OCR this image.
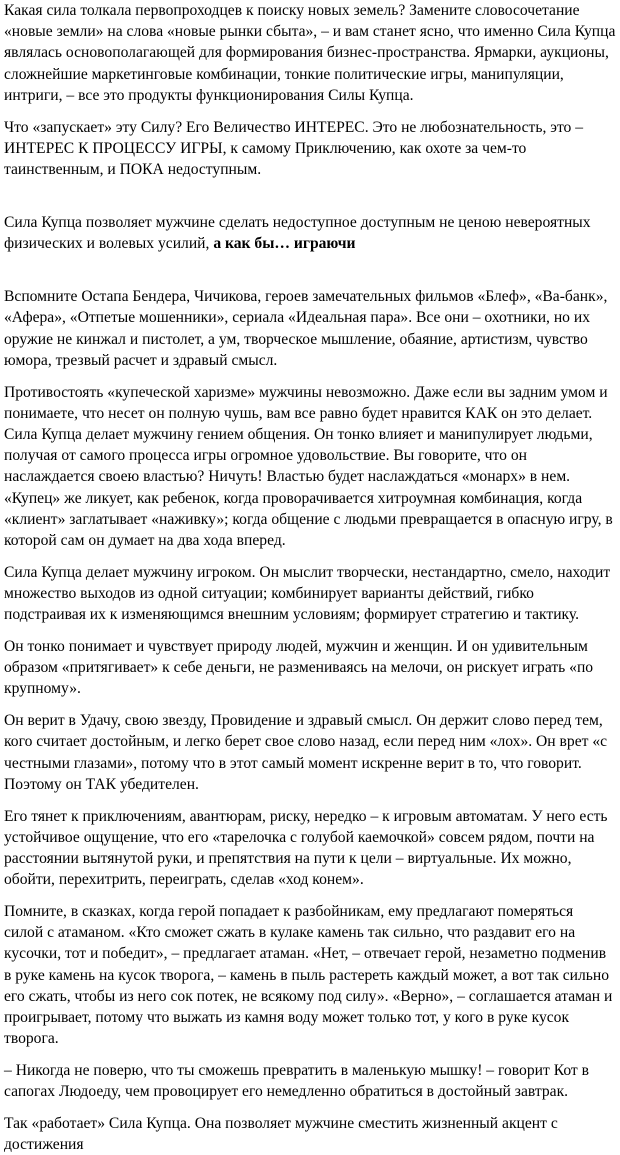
Какая сила толкала первопроходцев к поиску новых земель? Замените словосочетание «новые земли» на слова «новые рынки сбыта», – и вам станет ясно, что именно Сила Купца являлась основополагающей для формирования бизнес-пространства. Ярмарки, аукционы, сложнейшие маркетинговые комбинации, тонкие политические игры, манипуляции, интриги, – все это продукты функционирования Силы Купца.

Что «запускает» эту Силу? Его Величество ИНТЕРЕС. Это не любознательность, это – ИНТЕРЕС К ПРОЦЕССУ ИГРЫ, к самому Приключению, как охоте за чем-то таинственным, и ПОКА недоступным.

Сила Купца позволяет мужчине сделать недоступное доступным не ценою невероятных физических и волевых усилий, а как бы… играючи

Вспомните Остапа Бендера, Чичикова, героев замечательных фильмов «Блеф», «Ва-банк», «Афера», «Отпетые мошенники», сериала «Идеальная пара». Все они – охотники, но их оружие не кинжал и пистолет, а ум, творческое мышление, обаяние, артистизм, чувство юмора, трезвый расчет и здравый смысл.

Противостоять «купеческой харизме» мужчины невозможно. Даже если вы задним умом и понимаете, что несет он полную чушь, вам все равно будет нравится КАК он это делает. Сила Купца делает мужчину гением общения. Он тонко влияет и манипулирует людьми, получая от самого процесса игры огромное удовольствие. Вы говорите, что он наслаждается своею властью? Ничуть! Властью будет наслаждаться «монарх» в нем. «Купец» же ликует, как ребенок, когда проворачивается хитроумная комбинация, когда «клиент» заглатывает «наживку»; когда общение с людьми превращается в опасную игру, в которой сам он думает на два хода вперед.

Сила Купца делает мужчину игроком. Он мыслит творчески, нестандартно, смело, находит множество выходов из одной ситуации; комбинирует варианты действий, гибко подстраивая их к изменяющимся внешним условиям; формирует стратегию и тактику.

Он тонко понимает и чувствует природу людей, мужчин и женщин. И он удивительным образом «притягивает» к себе деньги, не размениваясь на мелочи, он рискует играть «по крупному».

Он верит в Удачу, свою звезду, Провидение и здравый смысл. Он держит слово перед тем, кого считает достойным, и легко берет свое слово назад, если перед ним «лох». Он врет «с честными глазами», потому что в этот самый момент искренне верит в то, что говорит. Поэтому он ТАК убедителен.

Его тянет к приключениям, авантюрам, риску, нередко – к игровым автоматам. У него есть устойчивое ощущение, что его «тарелочка с голубой каемочкой» совсем рядом, почти на расстоянии вытянутой руки, и препятствия на пути к цели – виртуальные. Их можно, обойти, перехитрить, переиграть, сделав «ход конем».

Помните, в сказках, когда герой попадает к разбойникам, ему предлагают померяться силой с атаманом. «Кто сможет сжать в кулаке камень так сильно, что раздавит его на кусочки, тот и победит», – предлагает атаман. «Нет, – отвечает герой, незаметно подменив в руке камень на кусок творога, – камень в пыль растереть каждый может, а вот так сильно его сжать, чтобы из него сок потек, не всякому под силу». «Верно», – соглашается атаман и проигрывает, потому что выжать из камня воду может только тот, у кого в руке кусок творога.

– Никогда не поверю, что ты сможешь превратить в маленькую мышку! – говорит Кот в сапогах Людоеду, чем провоцирует его немедленно обратиться в достойный завтрак.

Так «работает» Сила Купца. Она позволяет мужчине сместить жизненный акцент с достижения
